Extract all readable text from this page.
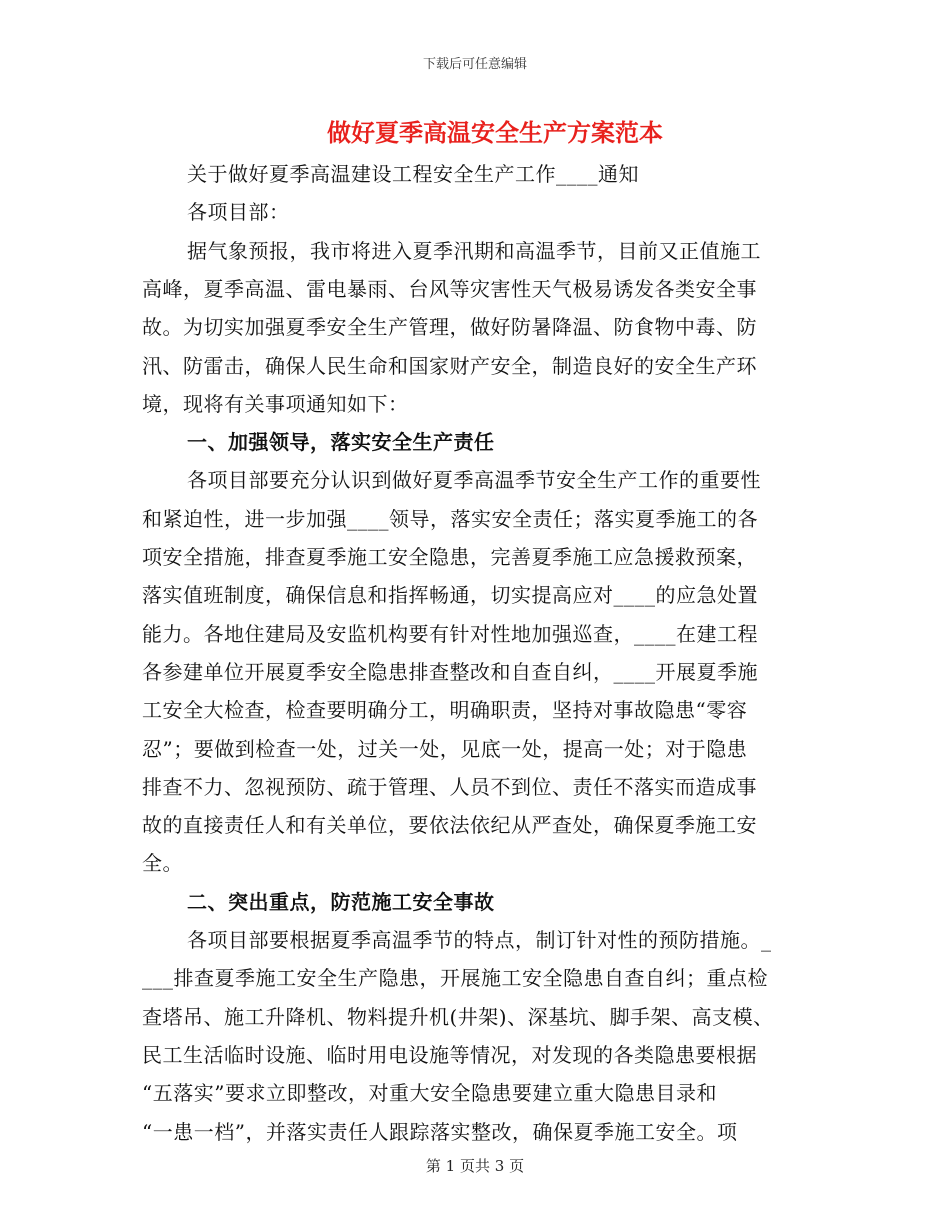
下载后可任意编辑
做好夏季高温安全生产方案范本
关于做好夏季高温建设工程安全生产工作____通知
各项目部：
据气象预报，我市将进入夏季汛期和高温季节，目前又正值施工
高峰，夏季高温、雷电暴雨、台风等灾害性天气极易诱发各类安全事
故。为切实加强夏季安全生产管理，做好防暑降温、防食物中毒、防
汛、防雷击，确保人民生命和国家财产安全，制造良好的安全生产环
境，现将有关事项通知如下：
一、加强领导，落实安全生产责任
各项目部要充分认识到做好夏季高温季节安全生产工作的重要性
和紧迫性，进一步加强____领导，落实安全责任；落实夏季施工的各
项安全措施，排查夏季施工安全隐患，完善夏季施工应急援救预案，
落实值班制度，确保信息和指挥畅通，切实提高应对____的应急处置
能力。各地住建局及安监机构要有针对性地加强巡查，____在建工程
各参建单位开展夏季安全隐患排查整改和自查自纠，____开展夏季施
工安全大检查，检查要明确分工，明确职责，坚持对事故隐患“零容
忍”；要做到检查一处，过关一处，见底一处，提高一处；对于隐患
排查不力、忽视预防、疏于管理、人员不到位、责任不落实而造成事
故的直接责任人和有关单位，要依法依纪从严查处，确保夏季施工安
全。
二、突出重点，防范施工安全事故
各项目部要根据夏季高温季节的特点，制订针对性的预防措施。_
___排查夏季施工安全生产隐患，开展施工安全隐患自查自纠；重点检
查塔吊、施工升降机、物料提升机(井架)、深基坑、脚手架、高支模、
民工生活临时设施、临时用电设施等情况，对发现的各类隐患要根据
“五落实”要求立即整改，对重大安全隐患要建立重大隐患目录和
“一患一档”，并落实责任人跟踪落实整改，确保夏季施工安全。项
第 1 页共 3 页
